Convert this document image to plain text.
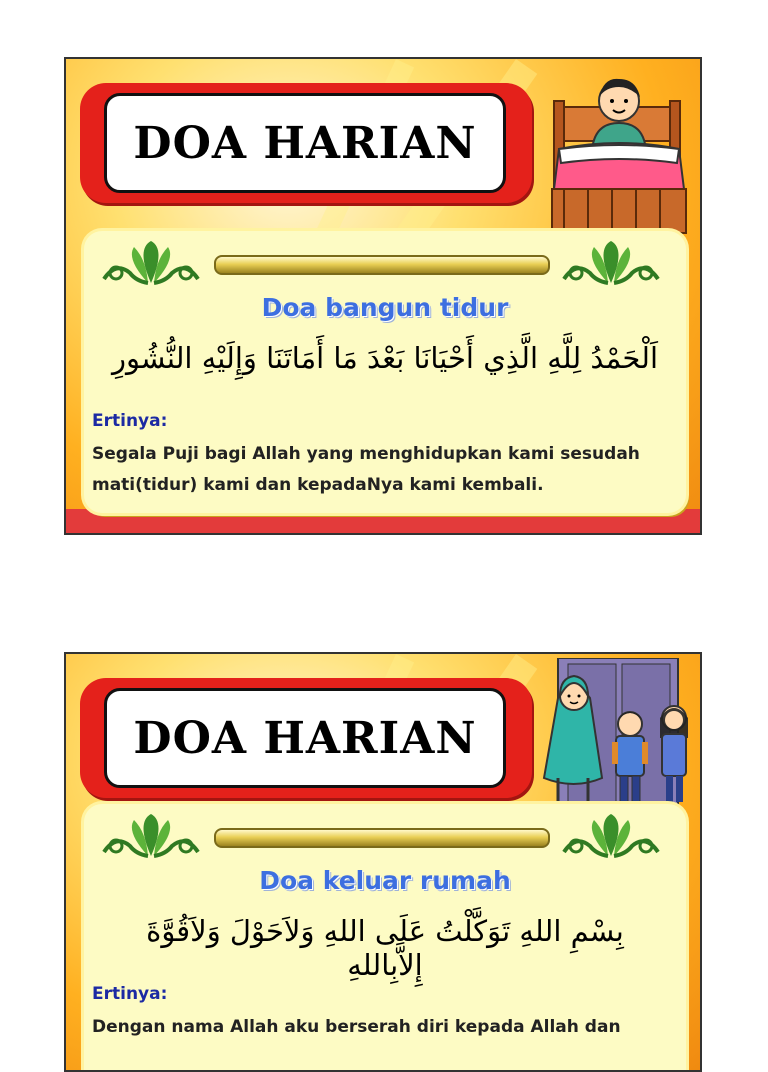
DOA HARIAN
Doa bangun tidur
اَلْحَمْدُ لِلَّهِ الَّذِي أَحْيَانَا بَعْدَ مَا أَمَاتَنَا وَإِلَيْهِ النُّشُورِ
Ertinya:
Segala Puji bagi Allah yang menghidupkan kami sesudah
mati(tidur) kami dan kepadaNya kami kembali.
DOA HARIAN
Doa keluar rumah
بِسْمِ اللهِ تَوَكَّلْتُ عَلَى اللهِ وَلاَحَوْلَ وَلاَقُوَّةَ إِلاَّبِاللهِ
Ertinya:
Dengan nama Allah aku berserah diri kepada Allah dan
